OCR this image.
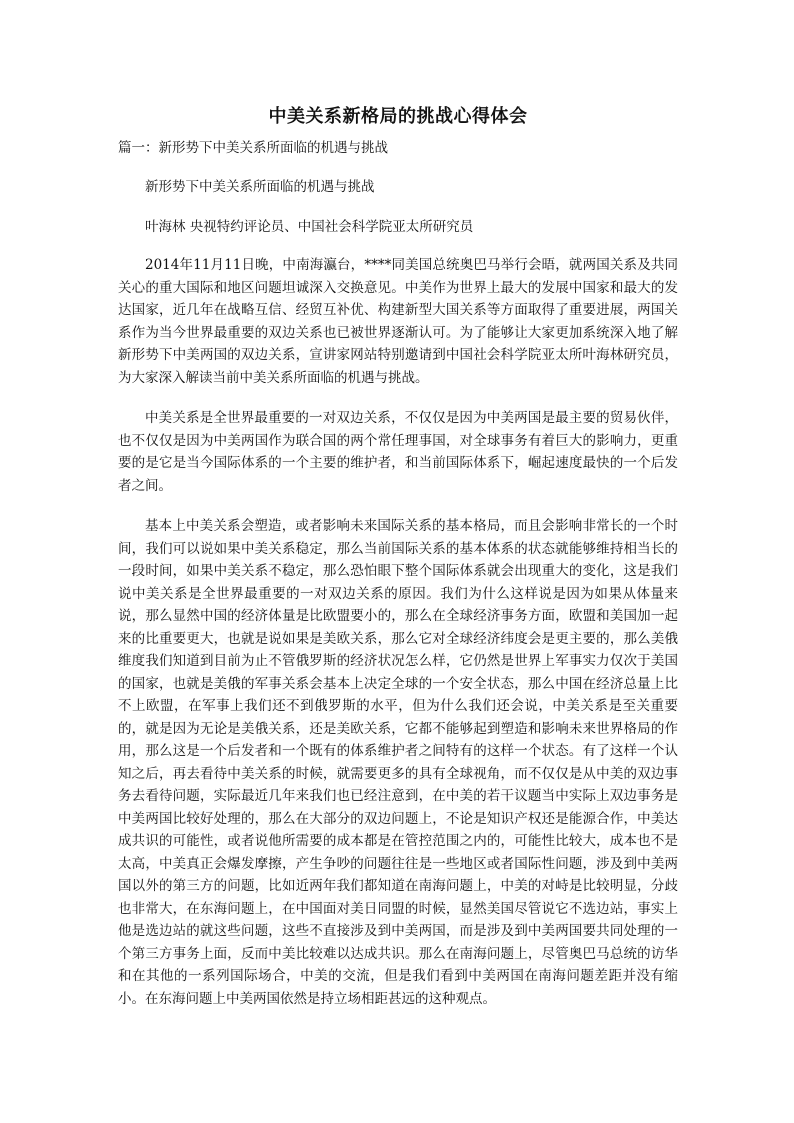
中美关系新格局的挑战心得体会

篇一：新形势下中美关系所面临的机遇与挑战

新形势下中美关系所面临的机遇与挑战

叶海林 央视特约评论员、中国社会科学院亚太所研究员

2014年11月11日晚，中南海瀛台，****同美国总统奥巴马举行会晤，就两国关系及共同关心的重大国际和地区问题坦诚深入交换意见。中美作为世界上最大的发展中国家和最大的发达国家，近几年在战略互信、经贸互补优、构建新型大国关系等方面取得了重要进展，两国关系作为当今世界最重要的双边关系也已被世界逐渐认可。为了能够让大家更加系统深入地了解新形势下中美两国的双边关系，宣讲家网站特别邀请到中国社会科学院亚太所叶海林研究员，为大家深入解读当前中美关系所面临的机遇与挑战。

中美关系是全世界最重要的一对双边关系，不仅仅是因为中美两国是最主要的贸易伙伴，也不仅仅是因为中美两国作为联合国的两个常任理事国，对全球事务有着巨大的影响力，更重要的是它是当今国际体系的一个主要的维护者，和当前国际体系下，崛起速度最快的一个后发者之间。

基本上中美关系会塑造，或者影响未来国际关系的基本格局，而且会影响非常长的一个时间，我们可以说如果中美关系稳定，那么当前国际关系的基本体系的状态就能够维持相当长的一段时间，如果中美关系不稳定，那么恐怕眼下整个国际体系就会出现重大的变化，这是我们说中美关系是全世界最重要的一对双边关系的原因。我们为什么这样说是因为如果从体量来说，那么显然中国的经济体量是比欧盟要小的，那么在全球经济事务方面，欧盟和美国加一起来的比重要更大，也就是说如果是美欧关系，那么它对全球经济纬度会是更主要的，那么美俄维度我们知道到目前为止不管俄罗斯的经济状况怎么样，它仍然是世界上军事实力仅次于美国的国家，也就是美俄的军事关系会基本上决定全球的一个安全状态，那么中国在经济总量上比不上欧盟，在军事上我们还不到俄罗斯的水平，但为什么我们还会说，中美关系是至关重要的，就是因为无论是美俄关系，还是美欧关系，它都不能够起到塑造和影响未来世界格局的作用，那么这是一个后发者和一个既有的体系维护者之间特有的这样一个状态。有了这样一个认知之后，再去看待中美关系的时候，就需要更多的具有全球视角，而不仅仅是从中美的双边事务去看待问题，实际最近几年来我们也已经注意到，在中美的若干议题当中实际上双边事务是中美两国比较好处理的，那么在大部分的双边问题上，不论是知识产权还是能源合作，中美达成共识的可能性，或者说他所需要的成本都是在管控范围之内的，可能性比较大，成本也不是太高，中美真正会爆发摩擦，产生争吵的问题往往是一些地区或者国际性问题，涉及到中美两国以外的第三方的问题，比如近两年我们都知道在南海问题上，中美的对峙是比较明显，分歧也非常大，在东海问题上，在中国面对美日同盟的时候，显然美国尽管说它不选边站，事实上他是选边站的就这些问题，这些不直接涉及到中美两国，而是涉及到中美两国要共同处理的一个第三方事务上面，反而中美比较难以达成共识。那么在南海问题上，尽管奥巴马总统的访华和在其他的一系列国际场合，中美的交流，但是我们看到中美两国在南海问题差距并没有缩小。在东海问题上中美两国依然是持立场相距甚远的这种观点。
